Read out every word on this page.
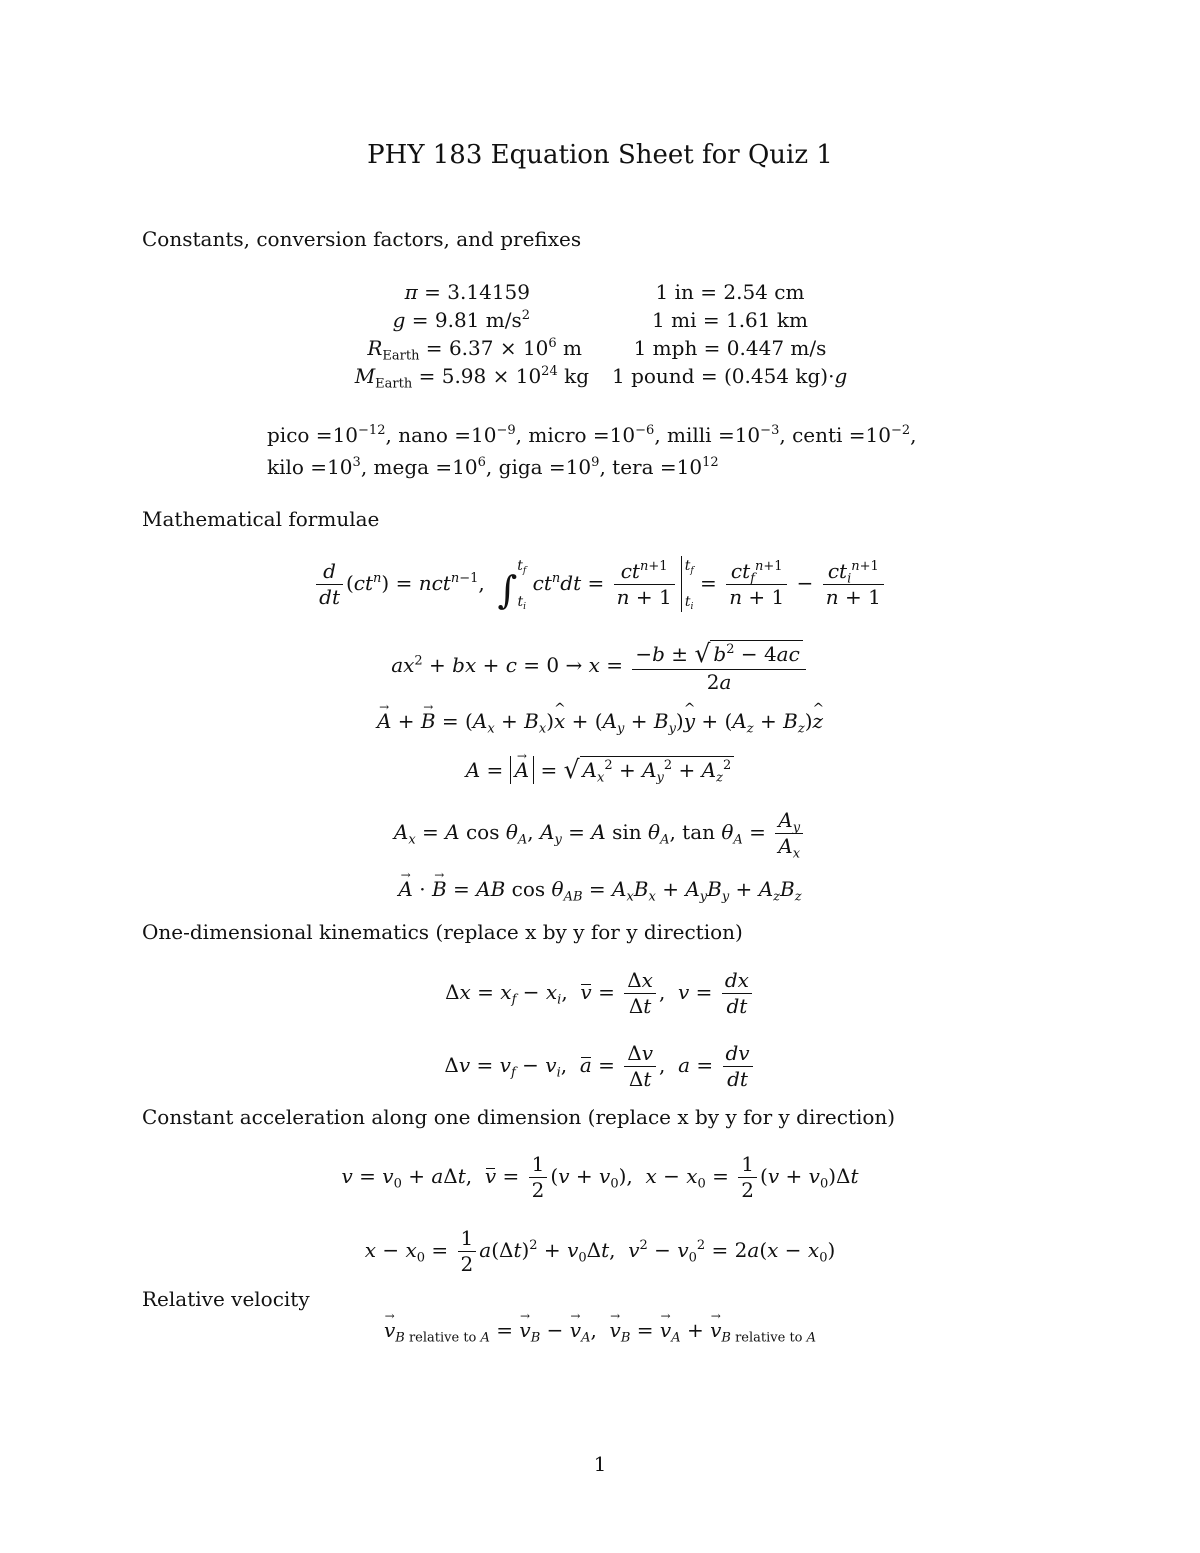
PHY 183 Equation Sheet for Quiz 1
Constants, conversion factors, and prefixes
π = 3.14159
g = 9.81 $m/s^2$
$R_{Earth} = 6.37 \times 10^6$ m
$M_{Earth} = 5.98 \times 10^{24}$ kg
1 in = 2.54 cm
1 mi = 1.61 km
1 mph = 0.447 m/s
1 pound = (0.454 kg)·g
pico $=10^{-12}$, nano $=10^{-9}$, micro $=10^{-6}$, milli $=10^{-3}$, centi $=10^{-2}$,
kilo $=10^3$, mega $=10^6$, giga $=10^9$, tera $=10^{12}$
Mathematical formulae
$\frac{d}{dt} (ct^n) = nct^{n-1}$,  $\int t_f$
$t_i$ $ct^ndt = \frac{ct^{n+1}}{n + 1} t_f$
$t_i = \frac{ct_f^{n+1}}{n + 1} - \frac{ct_i^{n+1}}{n + 1}$
$ax^2$ + bx + $c = 0 \to x = \frac{-b \pm √ b^2 - 4ac}{2a}$
→ A + → $B = (A_x$ + $B_x)\^{}$ $x + (A_y$ + $B_y)\^{}$ $y + (A_z$ + $B_z)\^{}$ z
A = → A = √ $A_x^2 + A_y^2 + A_z^2$
$A_x = A$ $\cos \theta_A$, $A_y = A$ $\sin \theta_A$, $\tan \theta_A = \frac{A_y}{A_x}$
→ A · → B = AB $\cos \theta_{AB} = A_xB_x + A_yB_y + A_zB_z$
One-dimensional kinematics (replace x by y for y direction)
$\Delta x = x_f - x_i$,  $v = \frac{\Delta x}{\Delta t}$ ,  $v = \frac{dx}{dt}$
$\Delta v = v_f - v_i$,  $a = \frac{\Delta v}{\Delta t}$ ,  $a = \frac{dv}{dt}$
Constant acceleration along one dimension (replace x by y for y direction)
$v = v_0 + a\Delta t$,  $v = \frac{1}{2} (v + v_0)$,  $x - x_0 = \frac{1}{2} (v + v_0)\Delta t$
$x - x_0 = \frac{1}{2} a(\Delta t)^2 + v_0\Delta t$,  $v^2 - v_0^2 = 2a(x - x_0)$
Relative velocity
→ $v_{B relative to A}$ = → $v_B$ − → $v_A$,  → $v_B$ = → $v_A$ + → $v_{B relative to A}$
1
